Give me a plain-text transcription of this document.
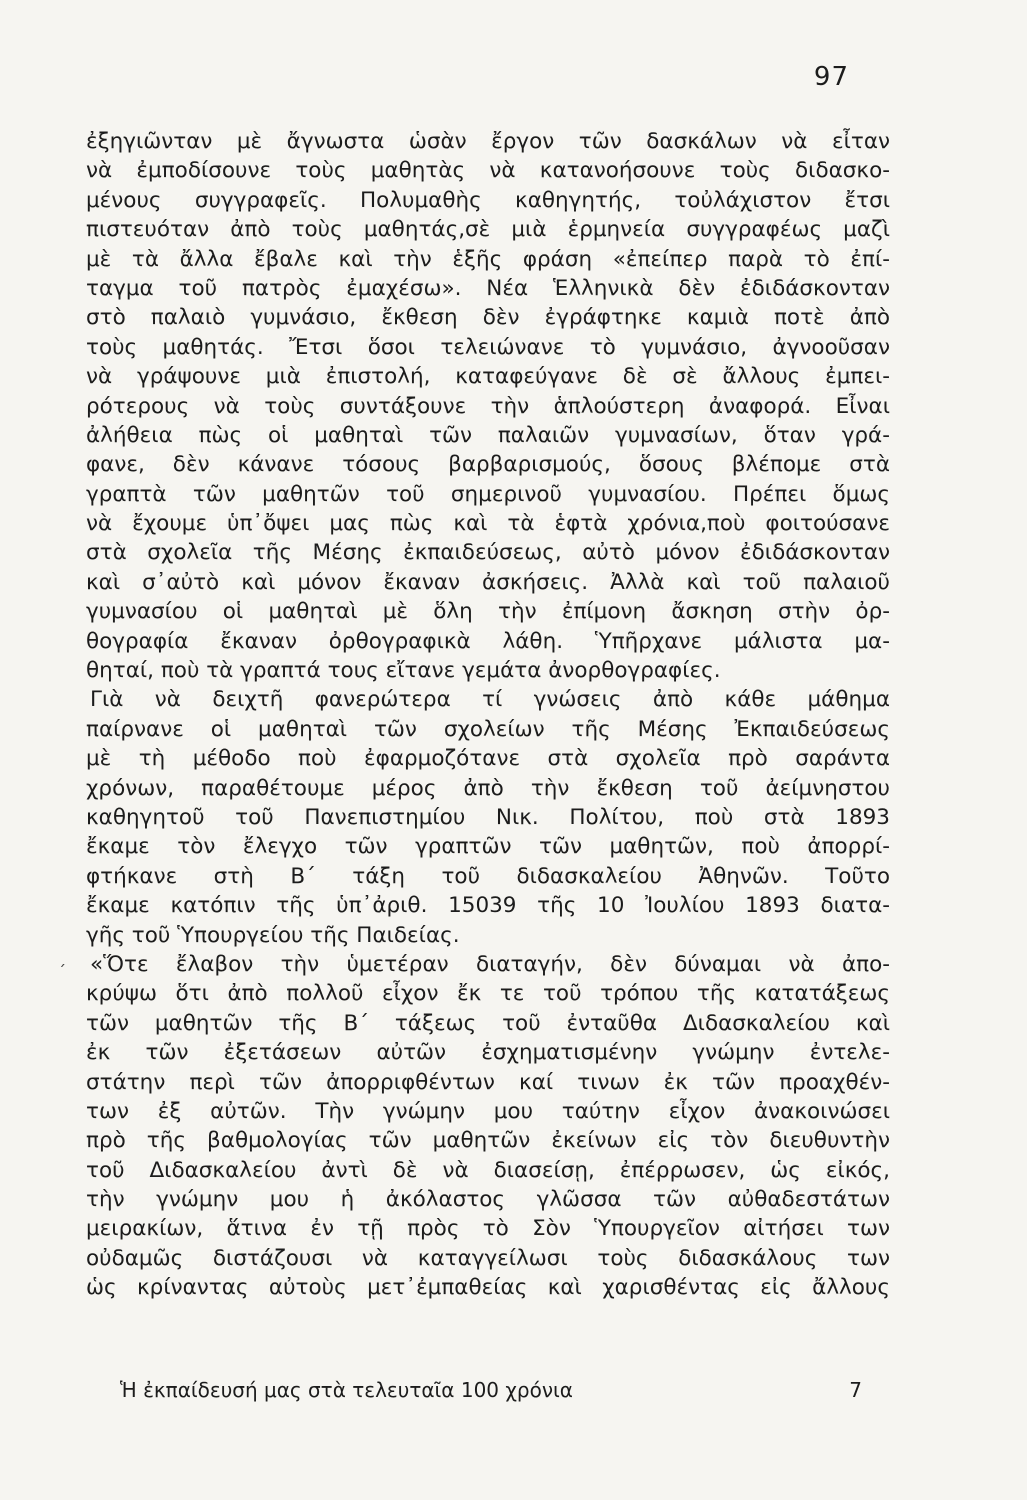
97
ἐξηγιῶνταν μὲ ἄγνωστα ὡσὰν ἔργον τῶν δασκάλων νὰ εἶταν
νὰ ἐμποδίσουνε τοὺς μαθητὰς νὰ κατανοήσουνε τοὺς διδασκο-
μένους συγγραφεῖς. Πολυμαθὴς καθηγητής, τοὐλάχιστον ἔτσι
πιστευόταν ἀπὸ τοὺς μαθητάς,σὲ μιὰ ἑρμηνεία συγγραφέως μαζὶ
μὲ τὰ ἄλλα ἔβαλε καὶ τὴν ἑξῆς φράση «ἐπείπερ παρὰ τὸ ἐπί-
ταγμα τοῦ πατρὸς ἐμαχέσω». Νέα Ἑλληνικὰ δὲν ἐδιδάσκονταν
στὸ παλαιὸ γυμνάσιο, ἔκθεση δὲν ἐγράφτηκε καμιὰ ποτὲ ἀπὸ
τοὺς μαθητάς. Ἔτσι ὅσοι τελειώνανε τὸ γυμνάσιο, ἀγνοοῦσαν
νὰ γράψουνε μιὰ ἐπιστολή, καταφεύγανε δὲ σὲ ἄλλους ἐμπει-
ρότερους νὰ τοὺς συντάξουνε τὴν ἁπλούστερη ἀναφορά. Εἶναι
ἀλήθεια πὼς οἱ μαθηταὶ τῶν παλαιῶν γυμνασίων, ὅταν γρά-
φανε, δὲν κάνανε τόσους βαρβαρισμούς, ὅσους βλέπομε στὰ
γραπτὰ τῶν μαθητῶν τοῦ σημερινοῦ γυμνασίου. Πρέπει ὅμως
νὰ ἔχουμε ὑπ᾽ὄψει μας πὼς καὶ τὰ ἑφτὰ χρόνια,ποὺ φοιτούσανε
στὰ σχολεῖα τῆς Μέσης ἐκπαιδεύσεως, αὐτὸ μόνον ἐδιδάσκονταν
καὶ σ᾽αὐτὸ καὶ μόνον ἔκαναν ἀσκήσεις. Ἀλλὰ καὶ τοῦ παλαιοῦ
γυμνασίου οἱ μαθηταὶ μὲ ὅλη τὴν ἐπίμονη ἄσκηση στὴν ὀρ-
θογραφία ἔκαναν ὀρθογραφικὰ λάθη. Ὑπῆρχανε μάλιστα μα-
θηταί, ποὺ τὰ γραπτά τους εἴτανε γεμάτα ἀνορθογραφίες.
Γιὰ νὰ δειχτῆ φανερώτερα τί γνώσεις ἀπὸ κάθε μάθημα
παίρνανε οἱ μαθηταὶ τῶν σχολείων τῆς Μέσης Ἐκπαιδεύσεως
μὲ τὴ μέθοδο ποὺ ἐφαρμοζότανε στὰ σχολεῖα πρὸ σαράντα
χρόνων, παραθέτουμε μέρος ἀπὸ τὴν ἔκθεση τοῦ ἀείμνηστου
καθηγητοῦ τοῦ Πανεπιστημίου Νικ. Πολίτου, ποὺ στὰ 1893
ἔκαμε τὸν ἔλεγχο τῶν γραπτῶν τῶν μαθητῶν, ποὺ ἀπορρί-
φτήκανε στὴ Β΄ τάξη τοῦ διδασκαλείου Ἀθηνῶν. Τοῦτο
ἔκαμε κατόπιν τῆς ὑπ᾽ἀριθ. 15039 τῆς 10 Ἰουλίου 1893 διατα-
γῆς τοῦ Ὑπουργείου τῆς Παιδείας.
«Ὅτε ἔλαβον τὴν ὑμετέραν διαταγήν, δὲν δύναμαι νὰ ἀπο-
κρύψω ὅτι ἀπὸ πολλοῦ εἶχον ἔκ τε τοῦ τρόπου τῆς κατατάξεως
τῶν μαθητῶν τῆς Β΄ τάξεως τοῦ ἐνταῦθα Διδασκαλείου καὶ
ἐκ τῶν ἐξετάσεων αὐτῶν ἐσχηματισμένην γνώμην ἐντελε-
στάτην περὶ τῶν ἀπορριφθέντων καί τινων ἐκ τῶν προαχθέν-
των ἐξ αὐτῶν. Τὴν γνώμην μου ταύτην εἶχον ἀνακοινώσει
πρὸ τῆς βαθμολογίας τῶν μαθητῶν ἐκείνων εἰς τὸν διευθυντὴν
τοῦ Διδασκαλείου ἀντὶ δὲ νὰ διασείσῃ, ἐπέρρωσεν, ὡς εἰκός,
τὴν γνώμην μου ἡ ἀκόλαστος γλῶσσα τῶν αὐθαδεστάτων
μειρακίων, ἅτινα ἐν τῇ πρὸς τὸ Σὸν Ὑπουργεῖον αἰτήσει των
οὐδαμῶς διστάζουσι νὰ καταγγείλωσι τοὺς διδασκάλους των
ὡς κρίναντας αὐτοὺς μετ᾽ἐμπαθείας καὶ χαρισθέντας εἰς ἄλλους
´
Ἡ ἐκπαίδευσή μας στὰ τελευταῖα 100 χρόνια	7
